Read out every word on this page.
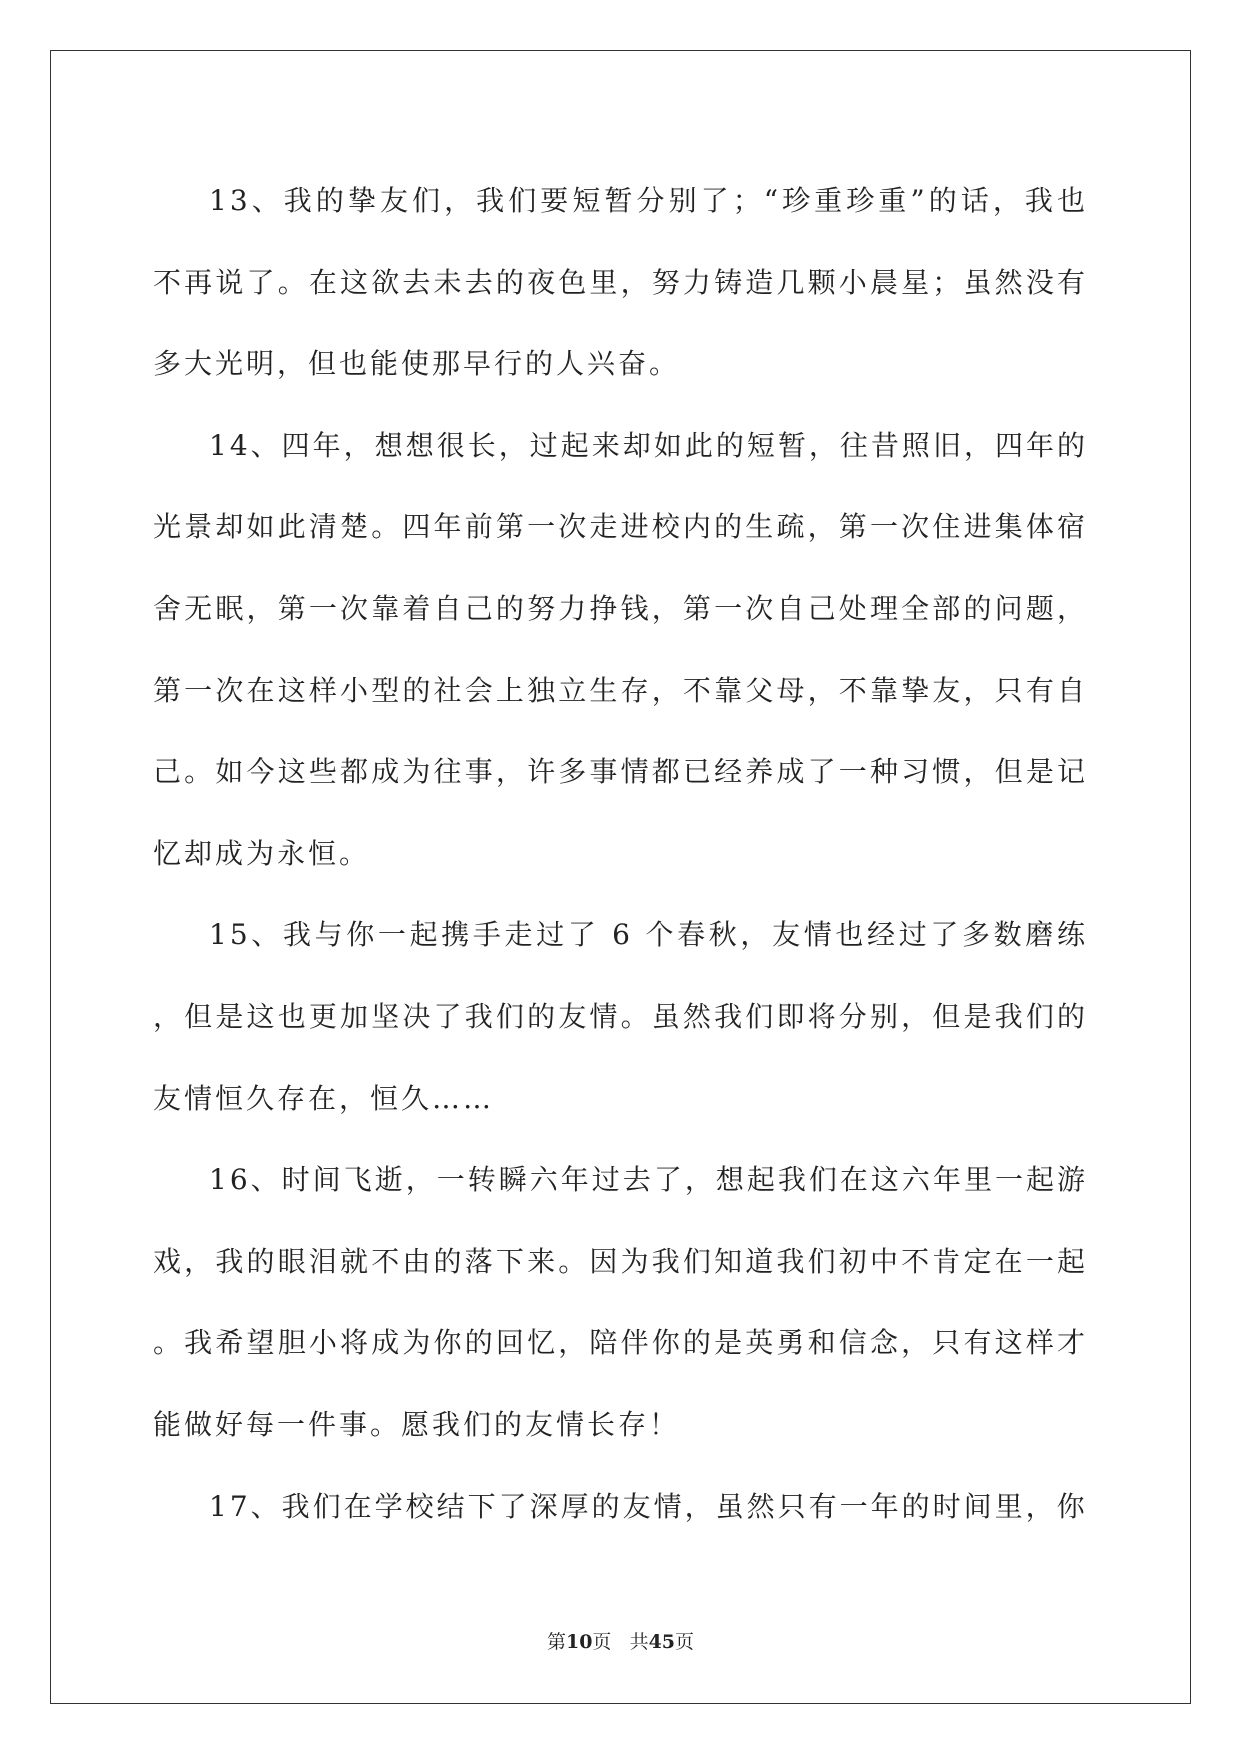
13、我的挚友们，我们要短暂分别了；“珍重珍重”的话，我也不再说了。在这欲去未去的夜色里，努力铸造几颗小晨星；虽然没有多大光明，但也能使那早行的人兴奋。

14、四年，想想很长，过起来却如此的短暂，往昔照旧，四年的光景却如此清楚。四年前第一次走进校内的生疏，第一次住进集体宿舍无眠，第一次靠着自己的努力挣钱，第一次自己处理全部的问题，第一次在这样小型的社会上独立生存，不靠父母，不靠挚友，只有自己。如今这些都成为往事，许多事情都已经养成了一种习惯，但是记忆却成为永恒。

15、我与你一起携手走过了 6 个春秋，友情也经过了多数磨练，但是这也更加坚决了我们的友情。虽然我们即将分别，但是我们的友情恒久存在，恒久……

16、时间飞逝，一转瞬六年过去了，想起我们在这六年里一起游戏，我的眼泪就不由的落下来。因为我们知道我们初中不肯定在一起。我希望胆小将成为你的回忆，陪伴你的是英勇和信念，只有这样才能做好每一件事。愿我们的友情长存！

17、我们在学校结下了深厚的友情，虽然只有一年的时间里，你

第10页 共45页
